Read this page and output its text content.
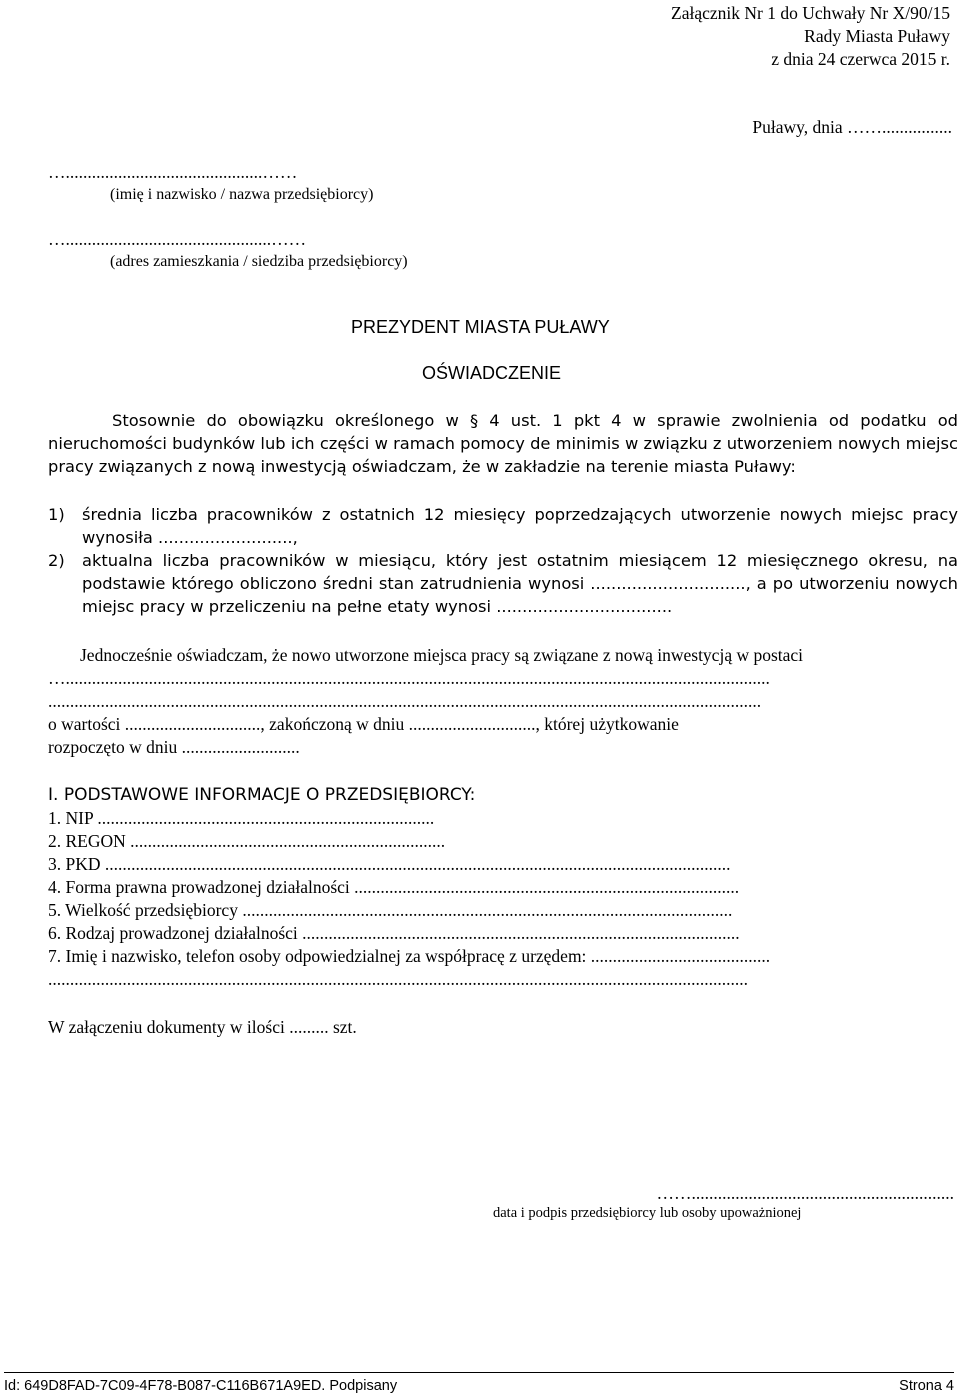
Załącznik Nr 1 do Uchwały Nr X/90/15
Rady Miasta Puławy
z dnia 24 czerwca 2015 r.
Puławy, dnia ……................
….............................................……
(imię i nazwisko / nazwa przedsiębiorcy)
…...............................................……
(adres zamieszkania / siedziba przedsiębiorcy)
PREZYDENT MIASTA PUŁAWY
OŚWIADCZENIE
Stosownie do obowiązku określonego w § 4 ust. 1 pkt 4 w sprawie zwolnienia od podatku od nieruchomości budynków lub ich części w ramach pomocy de minimis w związku z utworzeniem nowych miejsc pracy związanych z nową inwestycją oświadczam, że w zakładzie na terenie miasta Puławy:
1) średnia liczba pracowników z ostatnich 12 miesięcy poprzedzających utworzenie nowych miejsc pracy wynosiła ..........................,
2) aktualna liczba pracowników w miesiącu, który jest ostatnim miesiącem 12 miesięcznego okresu, na podstawie którego obliczono średni stan zatrudnienia wynosi .............................., a po utworzeniu nowych miejsc pracy w przeliczeniu na pełne etaty wynosi ..................................
Jednocześnie oświadczam, że nowo utworzone miejsca pracy są związane z nową inwestycją w postaci
….................................................................................................................................................................
...................................................................................................................................................................
o wartości ..............................., zakończoną w dniu ............................., której użytkowanie
rozpoczęto w dniu ...........................
I. PODSTAWOWE INFORMACJE O PRZEDSIĘBIORCY:
1. NIP .............................................................................
2. REGON ........................................................................
3. PKD ...............................................................................................................................................
4. Forma prawna prowadzonej działalności ........................................................................................
5. Wielkość przedsiębiorcy ................................................................................................................
6. Rodzaj prowadzonej działalności ....................................................................................................
7. Imię i nazwisko, telefon osoby odpowiedzialnej za współpracę z urzędem: .........................................
................................................................................................................................................................
W załączeniu dokumenty w ilości ......... szt.
……............................................................
data i podpis przedsiębiorcy lub osoby upoważnionej
Id: 649D8FAD-7C09-4F78-B087-C116B671A9ED. Podpisany	Strona 4
